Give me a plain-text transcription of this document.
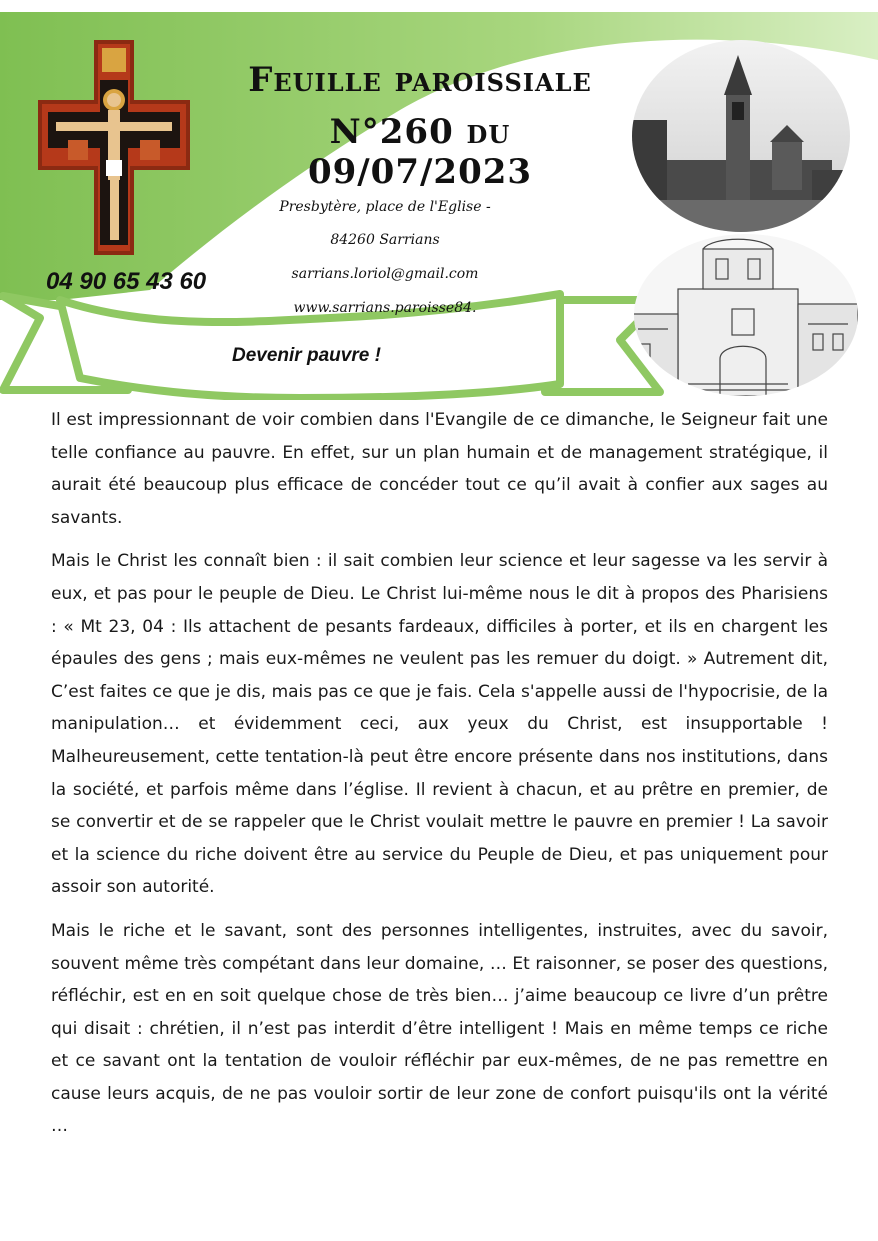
Feuille paroissiale
N°260 du 09/07/2023
04 90 65 43 60
Presbytère, place de l'Eglise -
84260 Sarrians
sarrians.loriol@gmail.com
www.sarrians.paroisse84.
Devenir pauvre !

Il est impressionnant de voir combien dans l'Evangile de ce dimanche, le Seigneur fait une telle confiance au pauvre. En effet, sur un plan humain et de management stratégique, il aurait été beaucoup plus efficace de concéder tout ce qu’il avait à confier aux sages au savants.

Mais le Christ les connaît bien : il sait combien leur science et leur sagesse va les servir à eux, et pas pour le peuple de Dieu. Le Christ lui-même nous le dit à propos des Pharisiens : « Mt 23, 04 : Ils attachent de pesants fardeaux, difficiles à porter, et ils en chargent les épaules des gens ; mais eux-mêmes ne veulent pas les remuer du doigt. » Autrement dit, C’est faites ce que je dis, mais pas ce que je fais. Cela s'appelle aussi de l'hypocrisie, de la manipulation… et évidemment ceci, aux yeux du Christ, est insupportable ! Malheureusement, cette tentation-là peut être encore présente dans nos institutions, dans la société, et parfois même dans l’église. Il revient à chacun, et au prêtre en premier, de se convertir et de se rappeler que le Christ voulait mettre le pauvre en premier ! La savoir et la science du riche doivent être au service du Peuple de Dieu, et pas uniquement pour assoir son autorité.

Mais le riche et le savant, sont des personnes intelligentes, instruites, avec du savoir, souvent même très compétant dans leur domaine, … Et raisonner, se poser des questions, réfléchir, est en en soit quelque chose de très bien… j’aime beaucoup ce livre d’un prêtre qui disait : chrétien, il n’est pas interdit d’être intelligent ! Mais en même temps ce riche et ce savant ont la tentation de vouloir réfléchir par eux-mêmes, de ne pas remettre en cause leurs acquis, de ne pas vouloir sortir de leur zone de confort puisqu'ils ont la vérité …
